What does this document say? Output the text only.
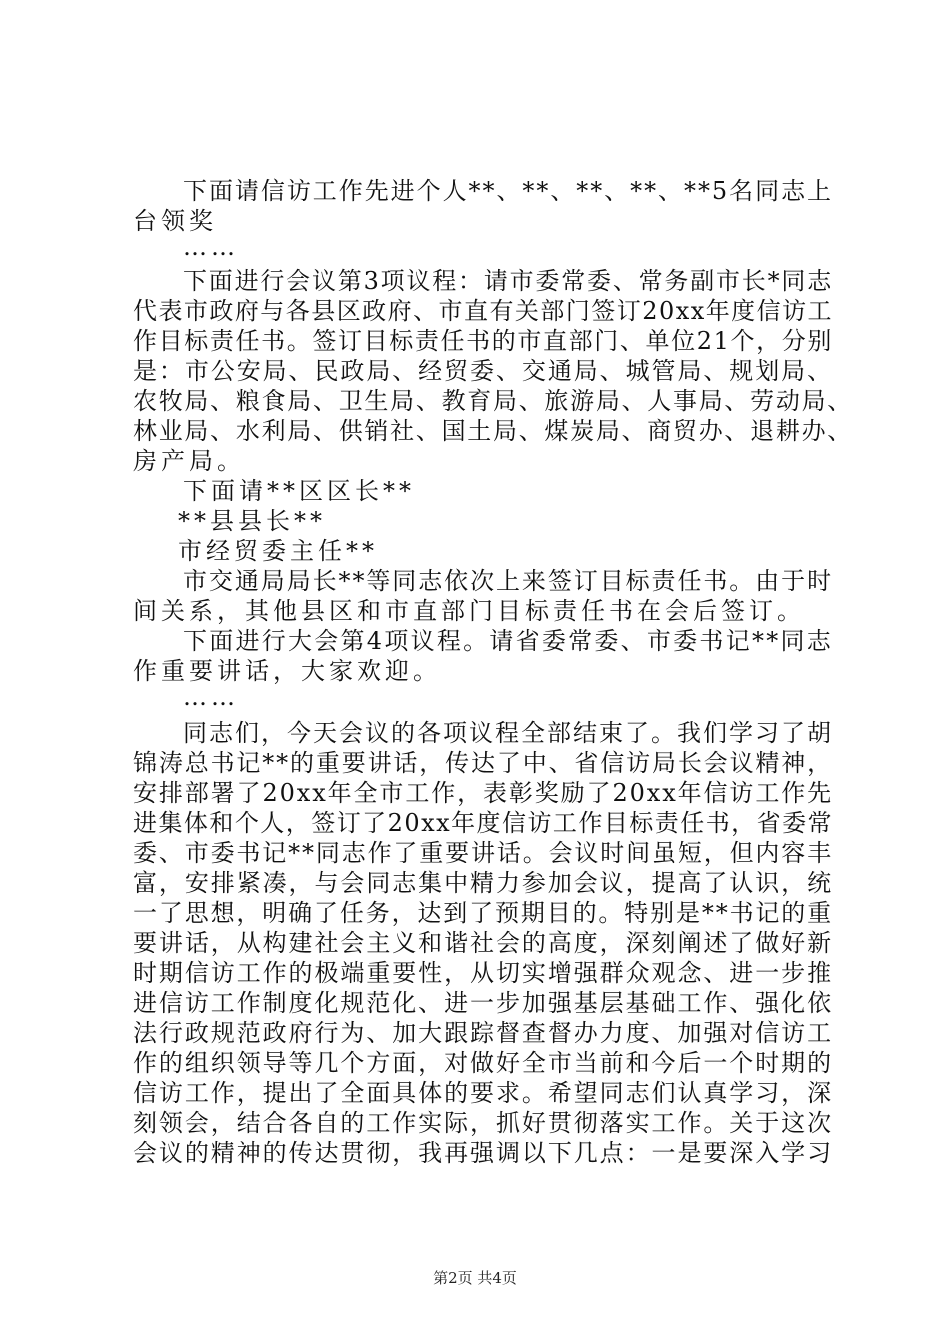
下面请信访工作先进个人**、**、**、**、**5名同志上
台领奖
……
下面进行会议第3项议程：请市委常委、常务副市长*同志
代表市政府与各县区政府、市直有关部门签订20xx年度信访工
作目标责任书。签订目标责任书的市直部门、单位21个，分别
是：市公安局、民政局、经贸委、交通局、城管局、规划局、
农牧局、粮食局、卫生局、教育局、旅游局、人事局、劳动局、
林业局、水利局、供销社、国土局、煤炭局、商贸办、退耕办、
房产局。
下面请**区区长**
**县县长**
市经贸委主任**
市交通局局长**等同志依次上来签订目标责任书。由于时
间关系，其他县区和市直部门目标责任书在会后签订。
下面进行大会第4项议程。请省委常委、市委书记**同志
作重要讲话，大家欢迎。
……
同志们，今天会议的各项议程全部结束了。我们学习了胡
锦涛总书记**的重要讲话，传达了中、省信访局长会议精神，
安排部署了20xx年全市工作，表彰奖励了20xx年信访工作先
进集体和个人，签订了20xx年度信访工作目标责任书，省委常
委、市委书记**同志作了重要讲话。会议时间虽短，但内容丰
富，安排紧凑，与会同志集中精力参加会议，提高了认识，统
一了思想，明确了任务，达到了预期目的。特别是**书记的重
要讲话，从构建社会主义和谐社会的高度，深刻阐述了做好新
时期信访工作的极端重要性，从切实增强群众观念、进一步推
进信访工作制度化规范化、进一步加强基层基础工作、强化依
法行政规范政府行为、加大跟踪督查督办力度、加强对信访工
作的组织领导等几个方面，对做好全市当前和今后一个时期的
信访工作，提出了全面具体的要求。希望同志们认真学习，深
刻领会，结合各自的工作实际，抓好贯彻落实工作。关于这次
会议的精神的传达贯彻，我再强调以下几点：一是要深入学习
第2页 共4页
